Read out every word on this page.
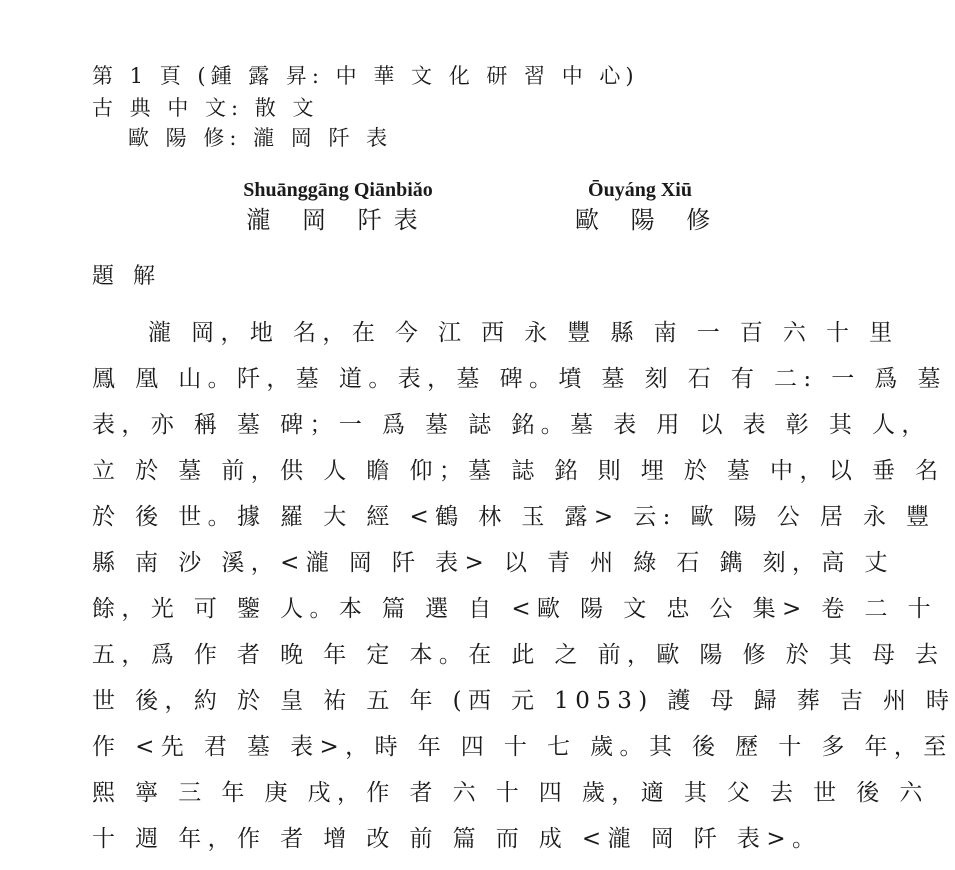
第 1 頁 (鍾 露 昇: 中 華 文 化 研 習 中 心)
古 典 中 文: 散 文
歐 陽 修: 瀧 岡 阡 表
Shuānggāng Qiānbiǎo
瀧 岡 阡表
Ōuyáng Xiū
歐 陽 修
題 解
瀧 岡，地 名，在 今 江 西 永 豐 縣 南 一 百 六 十 里
鳳 凰 山。阡，墓 道。表，墓 碑。墳 墓 刻 石 有 二: 一 爲 墓
表，亦 稱 墓 碑；一 爲 墓 誌 銘。墓 表 用 以 表 彰 其 人，
立 於 墓 前，供 人 瞻 仰；墓 誌 銘 則 埋 於 墓 中，以 垂 名
於 後 世。據 羅 大 經 <鶴 林 玉 露> 云: 歐 陽 公 居 永 豐
縣 南 沙 溪，<瀧 岡 阡 表> 以 青 州 綠 石 鐫 刻，高 丈
餘，光 可 鑒 人。本 篇 選 自 <歐 陽 文 忠 公 集> 卷 二 十
五，爲 作 者 晚 年 定 本。在 此 之 前，歐 陽 修 於 其 母 去
世 後，約 於 皇 祐 五 年 (西 元 1053) 護 母 歸 葬 吉 州 時
作 <先 君 墓 表>，時 年 四 十 七 歲。其 後 歷 十 多 年，至
熙 寧 三 年 庚 戌，作 者 六 十 四 歲，適 其 父 去 世 後 六
十 週 年，作 者 增 改 前 篇 而 成 <瀧 岡 阡 表>。
